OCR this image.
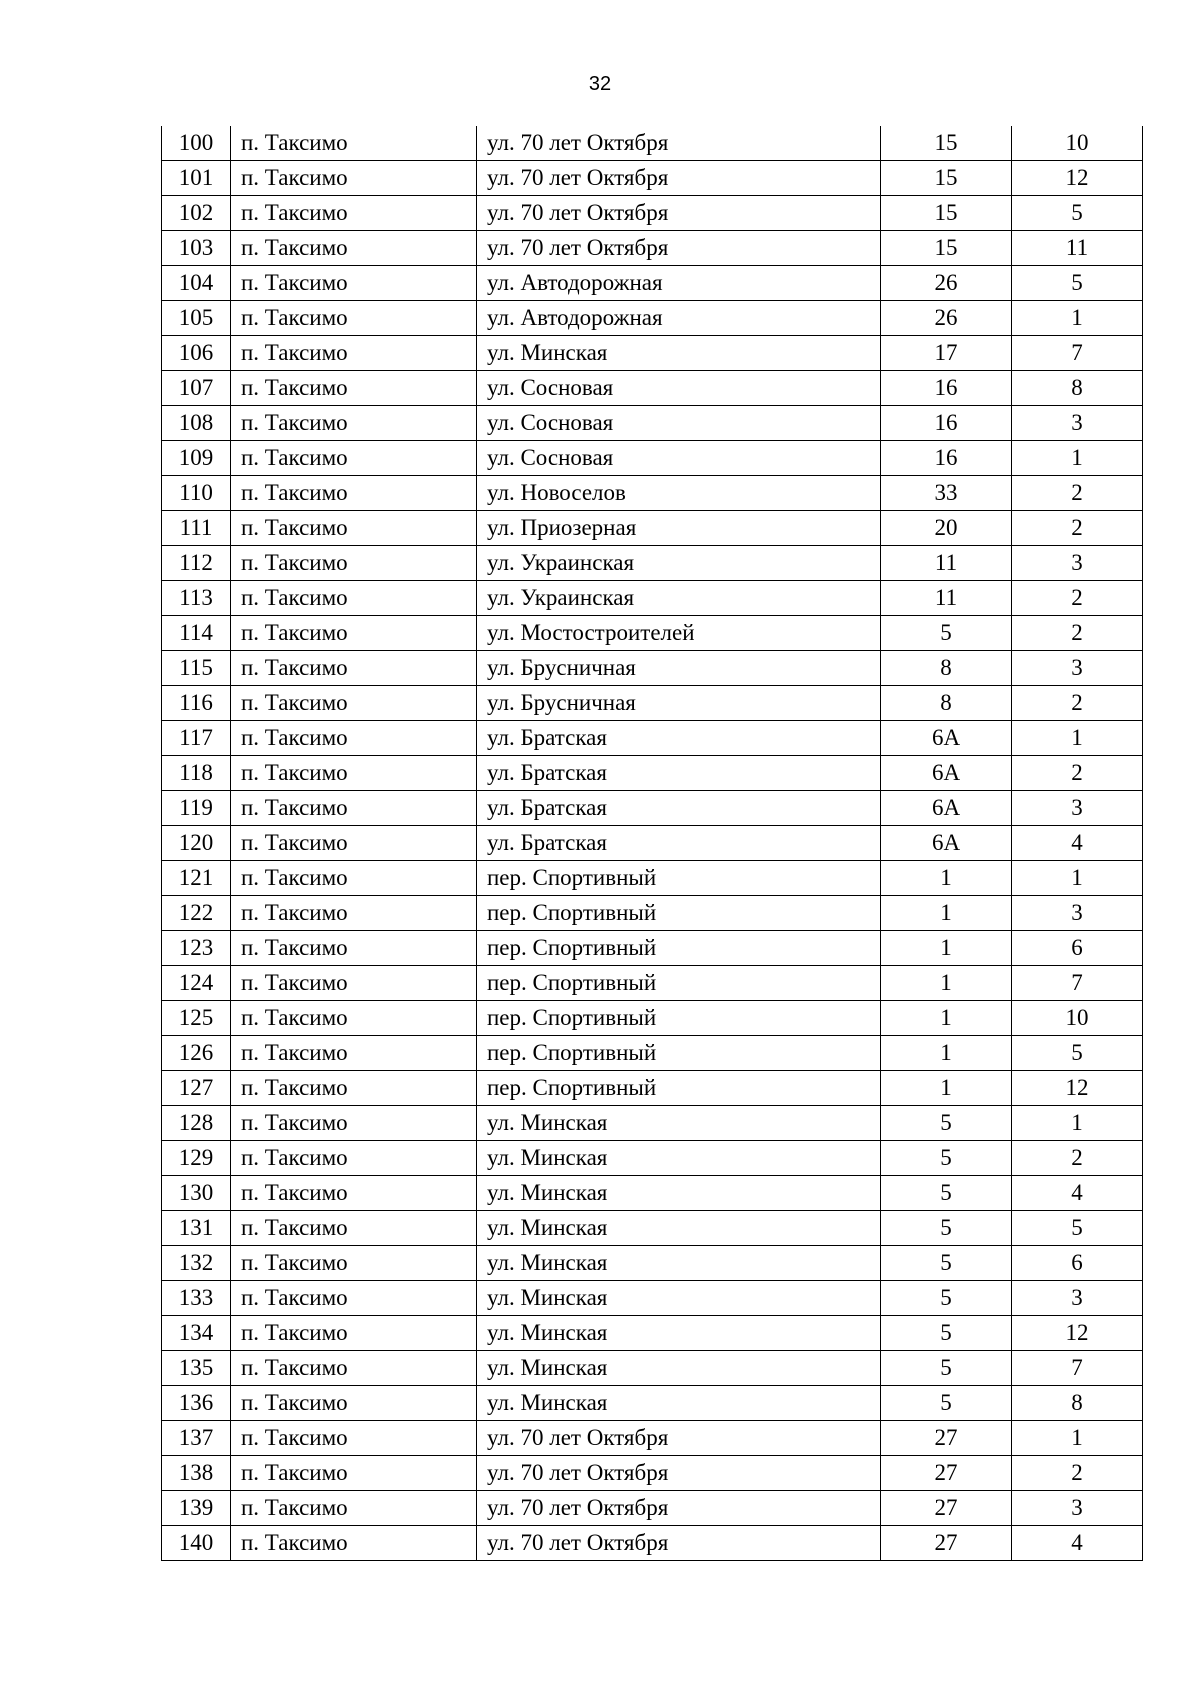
32
100	п. Таксимо	ул. 70 лет Октября	15	10
101	п. Таксимо	ул. 70 лет Октября	15	12
102	п. Таксимо	ул. 70 лет Октября	15	5
103	п. Таксимо	ул. 70 лет Октября	15	11
104	п. Таксимо	ул. Автодорожная	26	5
105	п. Таксимо	ул. Автодорожная	26	1
106	п. Таксимо	ул. Минская	17	7
107	п. Таксимо	ул. Сосновая	16	8
108	п. Таксимо	ул. Сосновая	16	3
109	п. Таксимо	ул. Сосновая	16	1
110	п. Таксимо	ул. Новоселов	33	2
111	п. Таксимо	ул. Приозерная	20	2
112	п. Таксимо	ул. Украинская	11	3
113	п. Таксимо	ул. Украинская	11	2
114	п. Таксимо	ул. Мостостроителей	5	2
115	п. Таксимо	ул. Брусничная	8	3
116	п. Таксимо	ул. Брусничная	8	2
117	п. Таксимо	ул. Братская	6А	1
118	п. Таксимо	ул. Братская	6А	2
119	п. Таксимо	ул. Братская	6А	3
120	п. Таксимо	ул. Братская	6А	4
121	п. Таксимо	пер. Спортивный	1	1
122	п. Таксимо	пер. Спортивный	1	3
123	п. Таксимо	пер. Спортивный	1	6
124	п. Таксимо	пер. Спортивный	1	7
125	п. Таксимо	пер. Спортивный	1	10
126	п. Таксимо	пер. Спортивный	1	5
127	п. Таксимо	пер. Спортивный	1	12
128	п. Таксимо	ул. Минская	5	1
129	п. Таксимо	ул. Минская	5	2
130	п. Таксимо	ул. Минская	5	4
131	п. Таксимо	ул. Минская	5	5
132	п. Таксимо	ул. Минская	5	6
133	п. Таксимо	ул. Минская	5	3
134	п. Таксимо	ул. Минская	5	12
135	п. Таксимо	ул. Минская	5	7
136	п. Таксимо	ул. Минская	5	8
137	п. Таксимо	ул. 70 лет Октября	27	1
138	п. Таксимо	ул. 70 лет Октября	27	2
139	п. Таксимо	ул. 70 лет Октября	27	3
140	п. Таксимо	ул. 70 лет Октября	27	4
